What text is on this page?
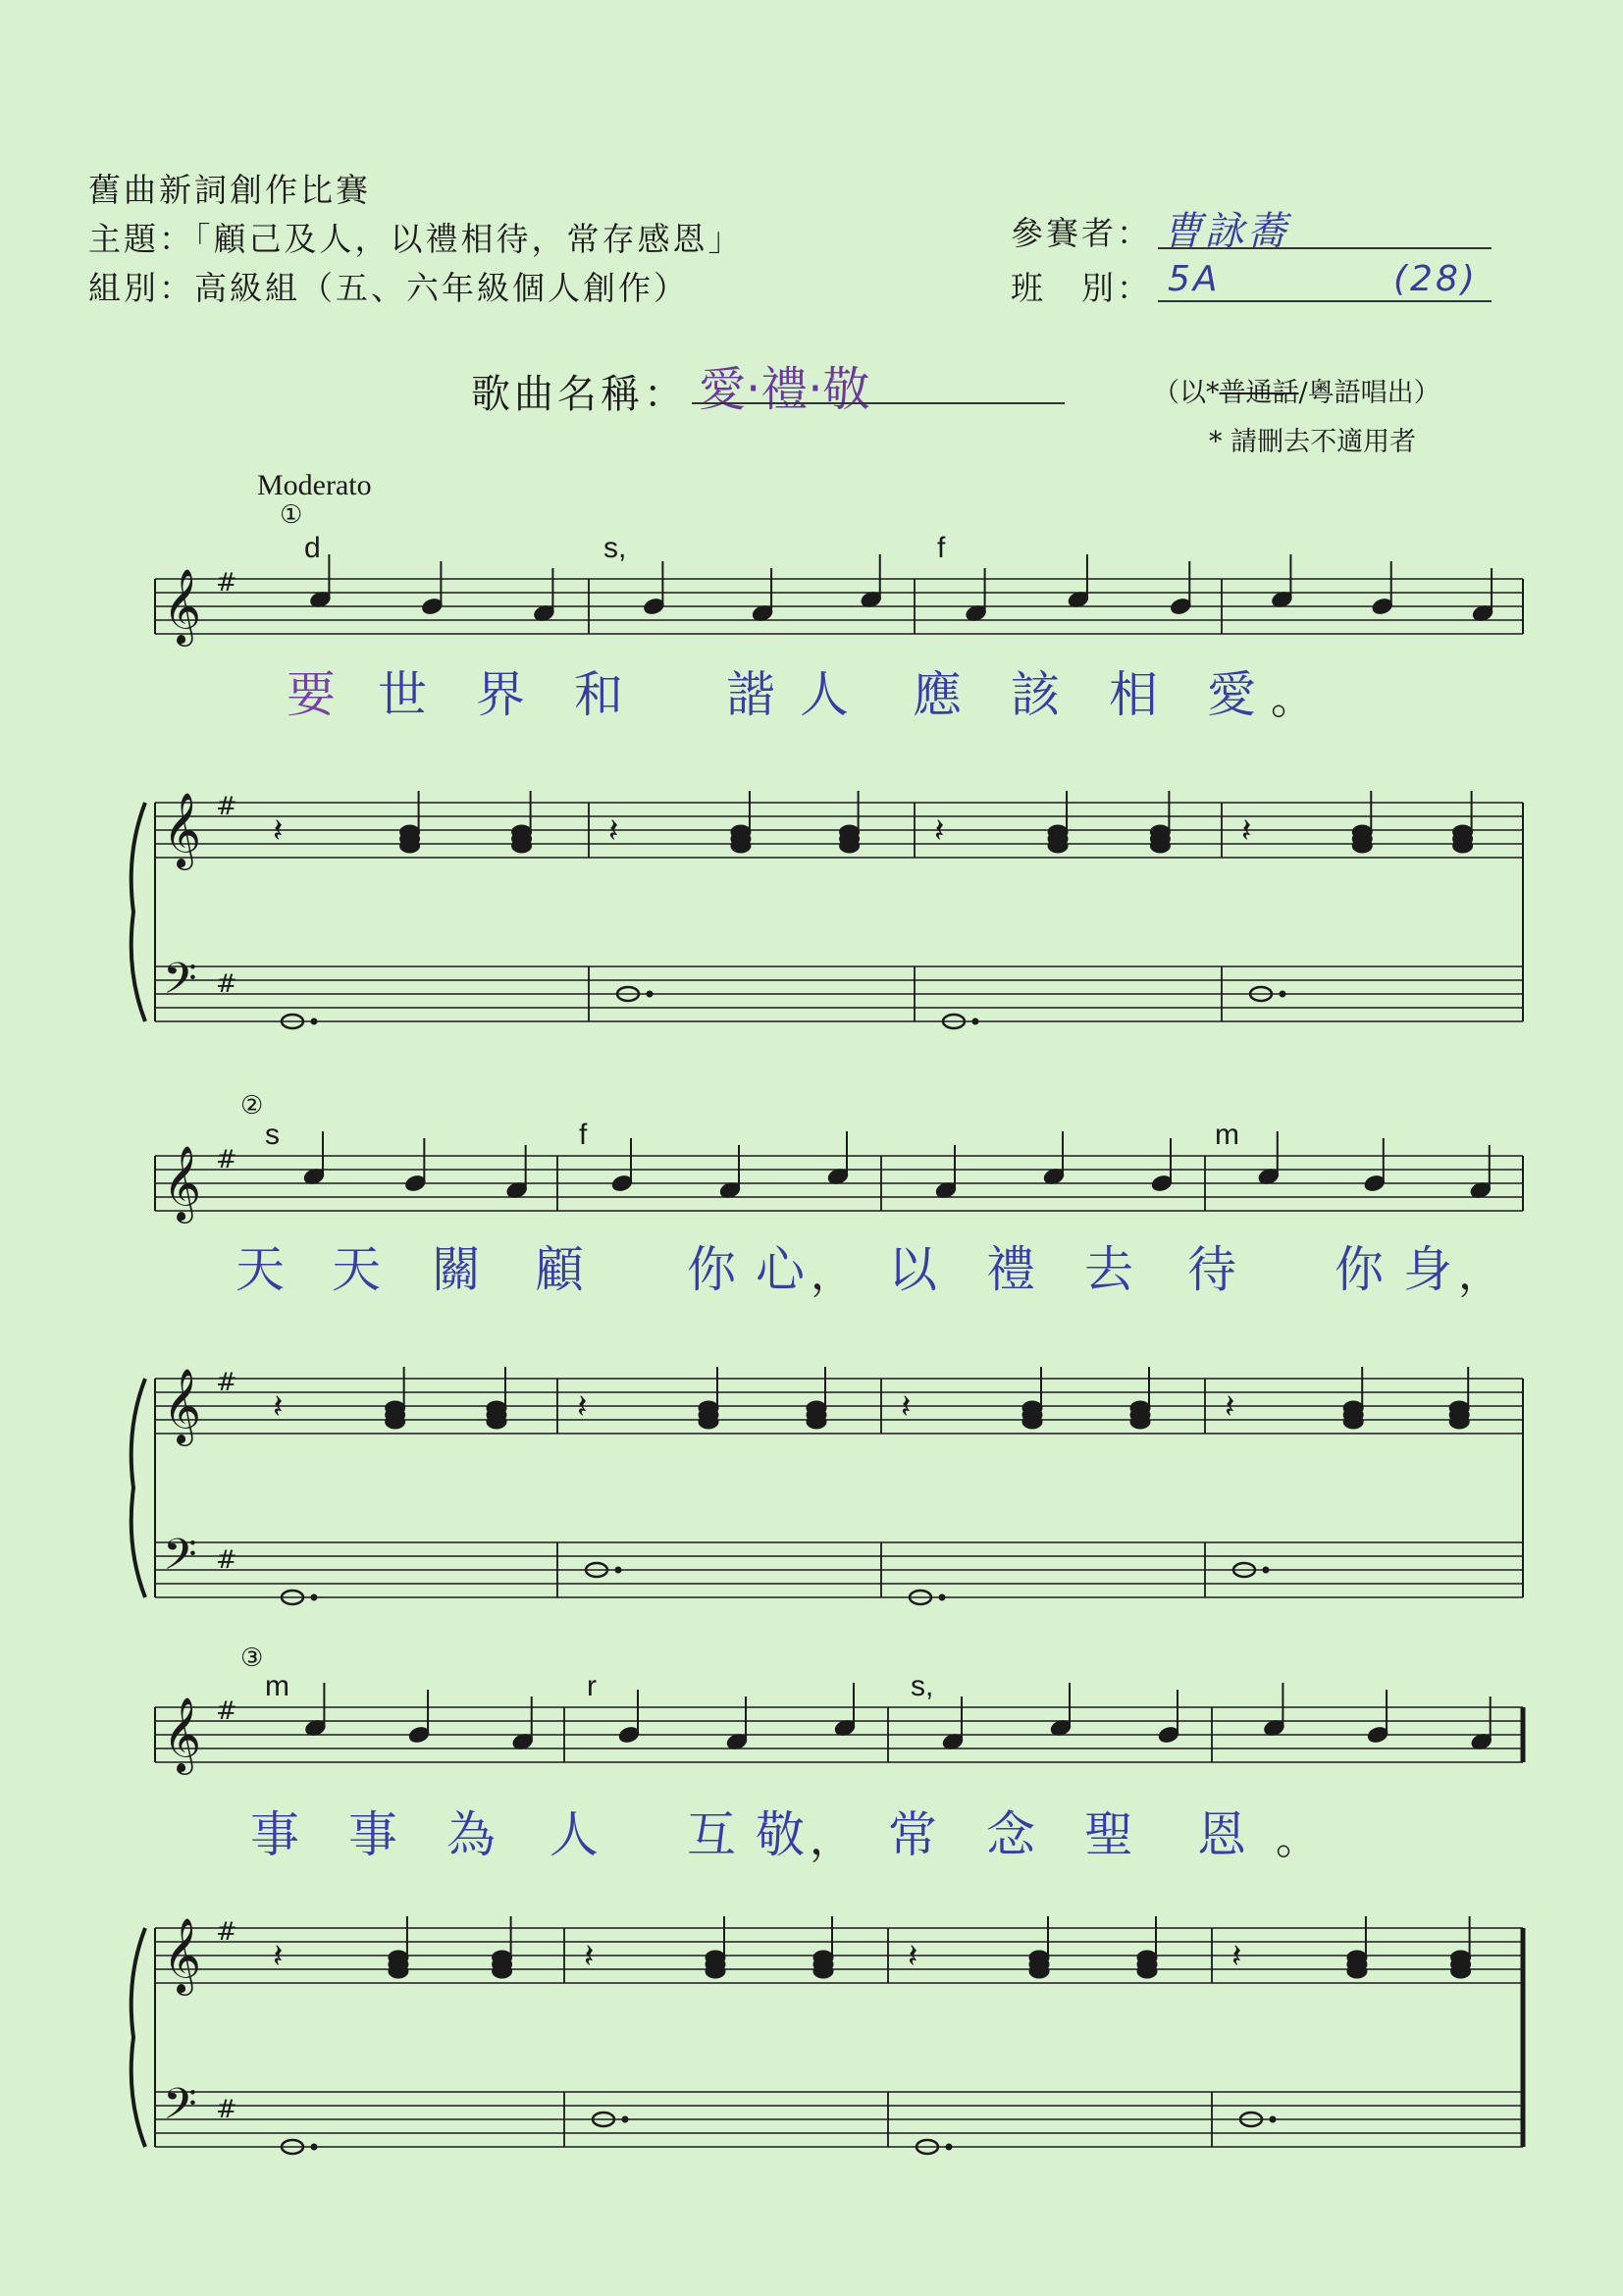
舊曲新詞創作比賽
主題：「顧己及人，以禮相待，常存感恩」
組別：高級組（五、六年級個人創作）
參賽者： 曹詠蕎
班　別： 5A	(28)
歌曲名稱： 愛‧禮‧敬	（以*普通話/粵語唱出）
* 請刪去不適用者
Moderato
①
d	s,	f
②
s	f	m
③
m	r	s,
要 世 界 和 諧 人 應 該 相 愛 。
天 天 關 顧 你 心 ， 以 禮 去 待 你 身 ，
事 事 為 人 互 敬 ， 常 念 聖 恩 。
𝄞
𝄞
𝄢
#
#
#
𝄽	𝄽	𝄽	𝄽
𝄞
𝄞
𝄢
#
#
#
𝄽	𝄽	𝄽	𝄽
𝄞
𝄞
𝄢
#
#
#
𝄽	𝄽	𝄽	𝄽
